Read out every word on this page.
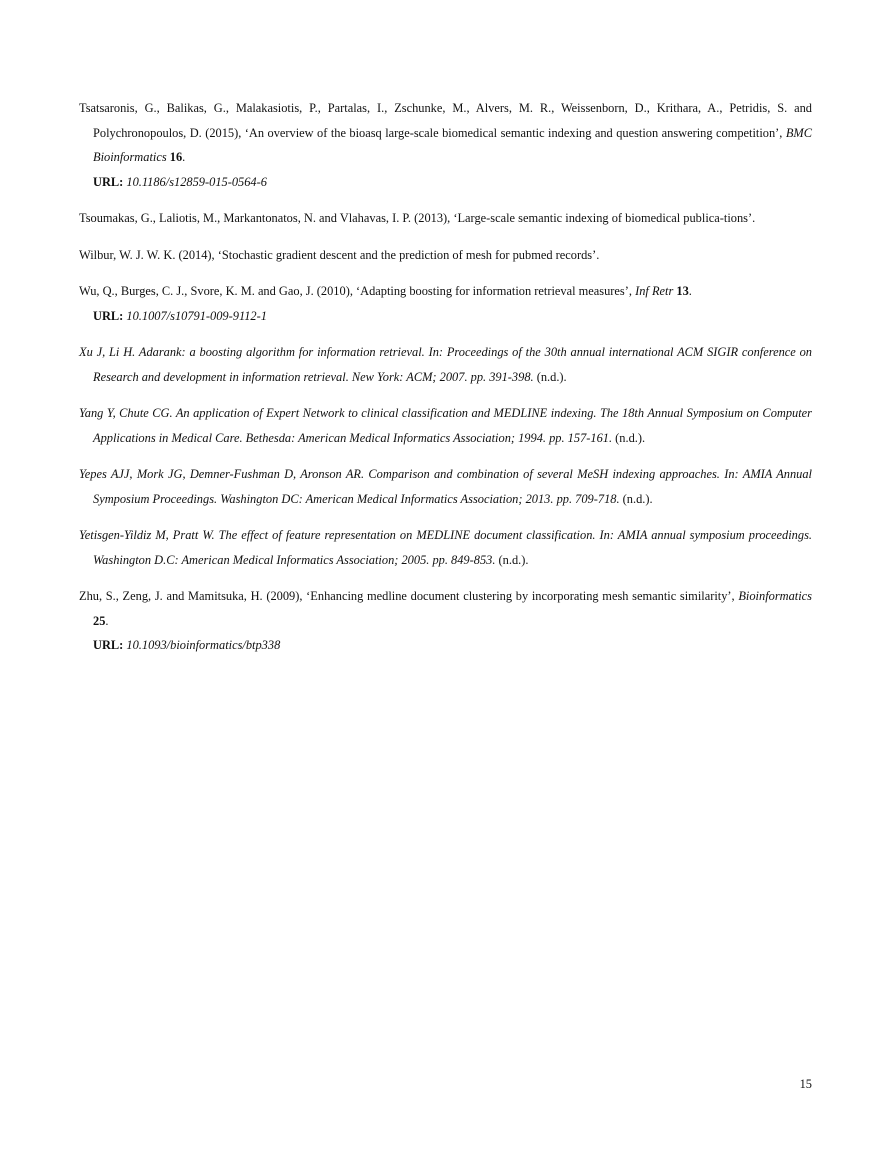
Tsatsaronis, G., Balikas, G., Malakasiotis, P., Partalas, I., Zschunke, M., Alvers, M. R., Weissenborn, D., Krithara, A., Petridis, S. and Polychronopoulos, D. (2015), ‘An overview of the bioasq large-scale biomedical semantic indexing and question answering competition’, BMC Bioinformatics 16.
URL: 10.1186/s12859-015-0564-6

Tsoumakas, G., Laliotis, M., Markantonatos, N. and Vlahavas, I. P. (2013), ‘Large-scale semantic indexing of biomedical publica-tions’.

Wilbur, W. J. W. K. (2014), ‘Stochastic gradient descent and the prediction of mesh for pubmed records’.

Wu, Q., Burges, C. J., Svore, K. M. and Gao, J. (2010), ‘Adapting boosting for information retrieval measures’, Inf Retr 13.
URL: 10.1007/s10791-009-9112-1

Xu J, Li H. Adarank: a boosting algorithm for information retrieval. In: Proceedings of the 30th annual international ACM SIGIR conference on Research and development in information retrieval. New York: ACM; 2007. pp. 391-398. (n.d.).

Yang Y, Chute CG. An application of Expert Network to clinical classification and MEDLINE indexing. The 18th Annual Symposium on Computer Applications in Medical Care. Bethesda: American Medical Informatics Association; 1994. pp. 157-161. (n.d.).

Yepes AJJ, Mork JG, Demner-Fushman D, Aronson AR. Comparison and combination of several MeSH indexing approaches. In: AMIA Annual Symposium Proceedings. Washington DC: American Medical Informatics Association; 2013. pp. 709-718. (n.d.).

Yetisgen-Yildiz M, Pratt W. The effect of feature representation on MEDLINE document classification. In: AMIA annual symposium proceedings. Washington D.C: American Medical Informatics Association; 2005. pp. 849-853. (n.d.).

Zhu, S., Zeng, J. and Mamitsuka, H. (2009), ‘Enhancing medline document clustering by incorporating mesh semantic similarity’, Bioinformatics 25.
URL: 10.1093/bioinformatics/btp338

15
